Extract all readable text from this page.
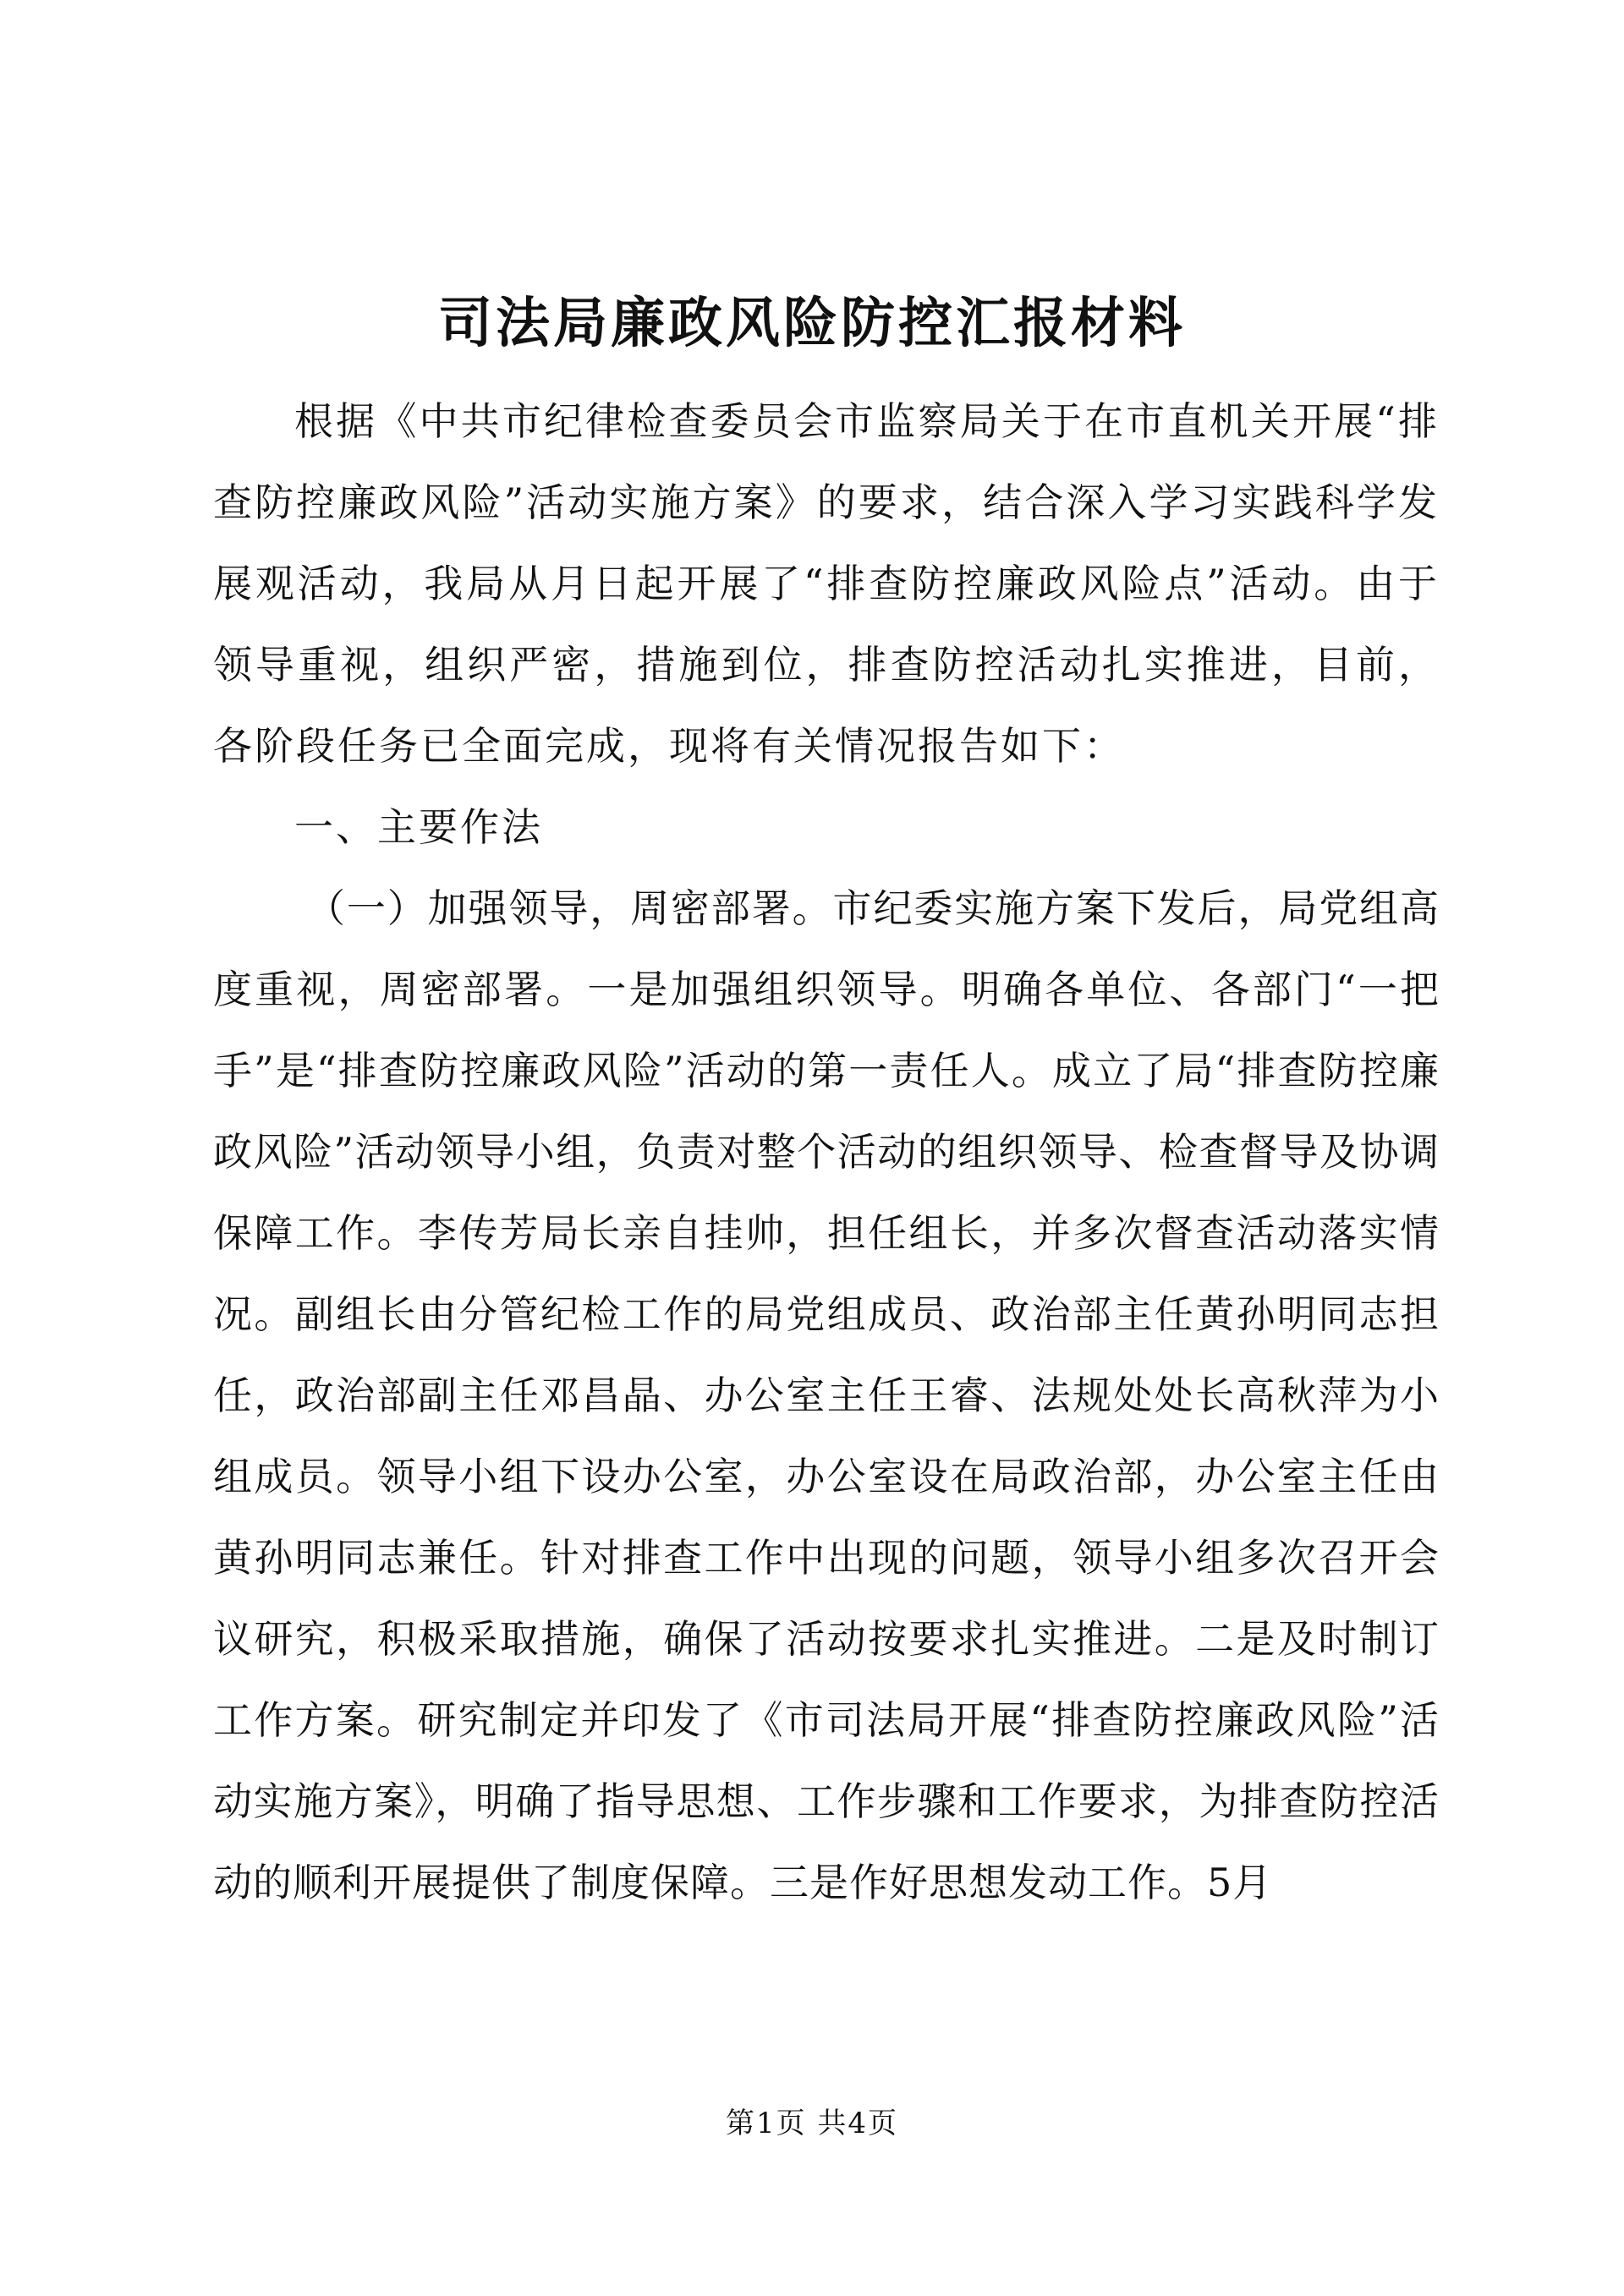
司法局廉政风险防控汇报材料

根据《中共市纪律检查委员会市监察局关于在市直机关开展“排查防控廉政风险”活动实施方案》的要求，结合深入学习实践科学发展观活动，我局从月日起开展了“排查防控廉政风险点”活动。由于领导重视，组织严密，措施到位，排查防控活动扎实推进，目前，各阶段任务已全面完成，现将有关情况报告如下：

一、主要作法

（一）加强领导，周密部署。市纪委实施方案下发后，局党组高度重视，周密部署。一是加强组织领导。明确各单位、各部门“一把手”是“排查防控廉政风险”活动的第一责任人。成立了局“排查防控廉政风险”活动领导小组，负责对整个活动的组织领导、检查督导及协调保障工作。李传芳局长亲自挂帅，担任组长，并多次督查活动落实情况。副组长由分管纪检工作的局党组成员、政治部主任黄孙明同志担任，政治部副主任邓昌晶、办公室主任王睿、法规处处长高秋萍为小组成员。领导小组下设办公室，办公室设在局政治部，办公室主任由黄孙明同志兼任。针对排查工作中出现的问题，领导小组多次召开会议研究，积极采取措施，确保了活动按要求扎实推进。二是及时制订工作方案。研究制定并印发了《市司法局开展“排查防控廉政风险”活动实施方案》，明确了指导思想、工作步骤和工作要求，为排查防控活动的顺利开展提供了制度保障。三是作好思想发动工作。5月

第1页 共4页
